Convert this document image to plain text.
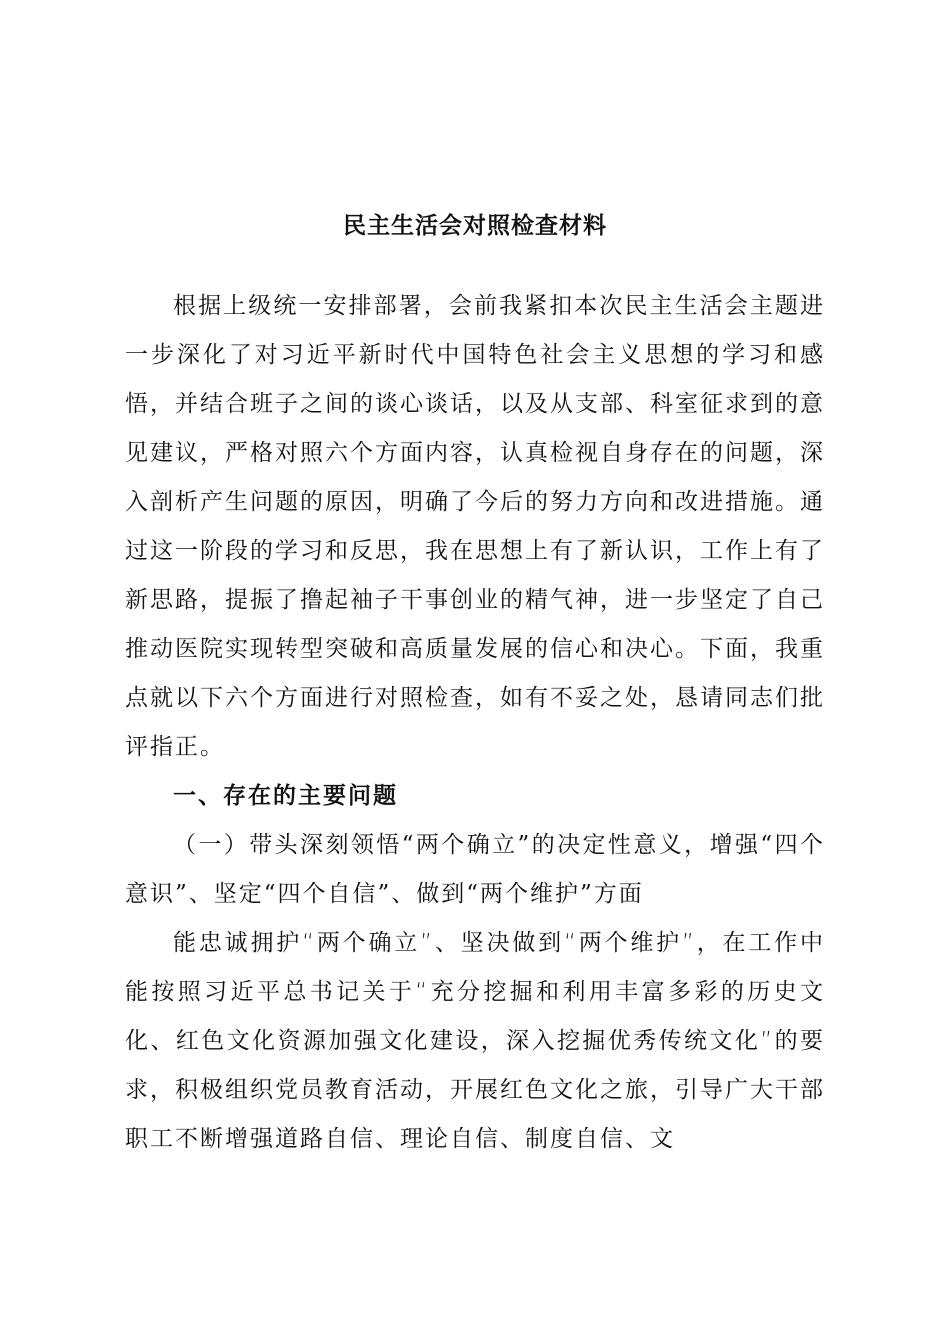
民主生活会对照检查材料

根据上级统一安排部署，会前我紧扣本次民主生活会主题进一步深化了对习近平新时代中国特色社会主义思想的学习和感悟，并结合班子之间的谈心谈话，以及从支部、科室征求到的意见建议，严格对照六个方面内容，认真检视自身存在的问题，深入剖析产生问题的原因，明确了今后的努力方向和改进措施。通过这一阶段的学习和反思，我在思想上有了新认识，工作上有了新思路，提振了撸起袖子干事创业的精气神，进一步坚定了自己推动医院实现转型突破和高质量发展的信心和决心。下面，我重点就以下六个方面进行对照检查，如有不妥之处，恳请同志们批评指正。

一、存在的主要问题

（一）带头深刻领悟“两个确立”的决定性意义，增强“四个意识”、坚定“四个自信”、做到“两个维护”方面

能忠诚拥护“两个确立”、坚决做到“两个维护”，在工作中能按照习近平总书记关于“充分挖掘和利用丰富多彩的历史文化、红色文化资源加强文化建设，深入挖掘优秀传统文化”的要求，积极组织党员教育活动，开展红色文化之旅，引导广大干部职工不断增强道路自信、理论自信、制度自信、文
